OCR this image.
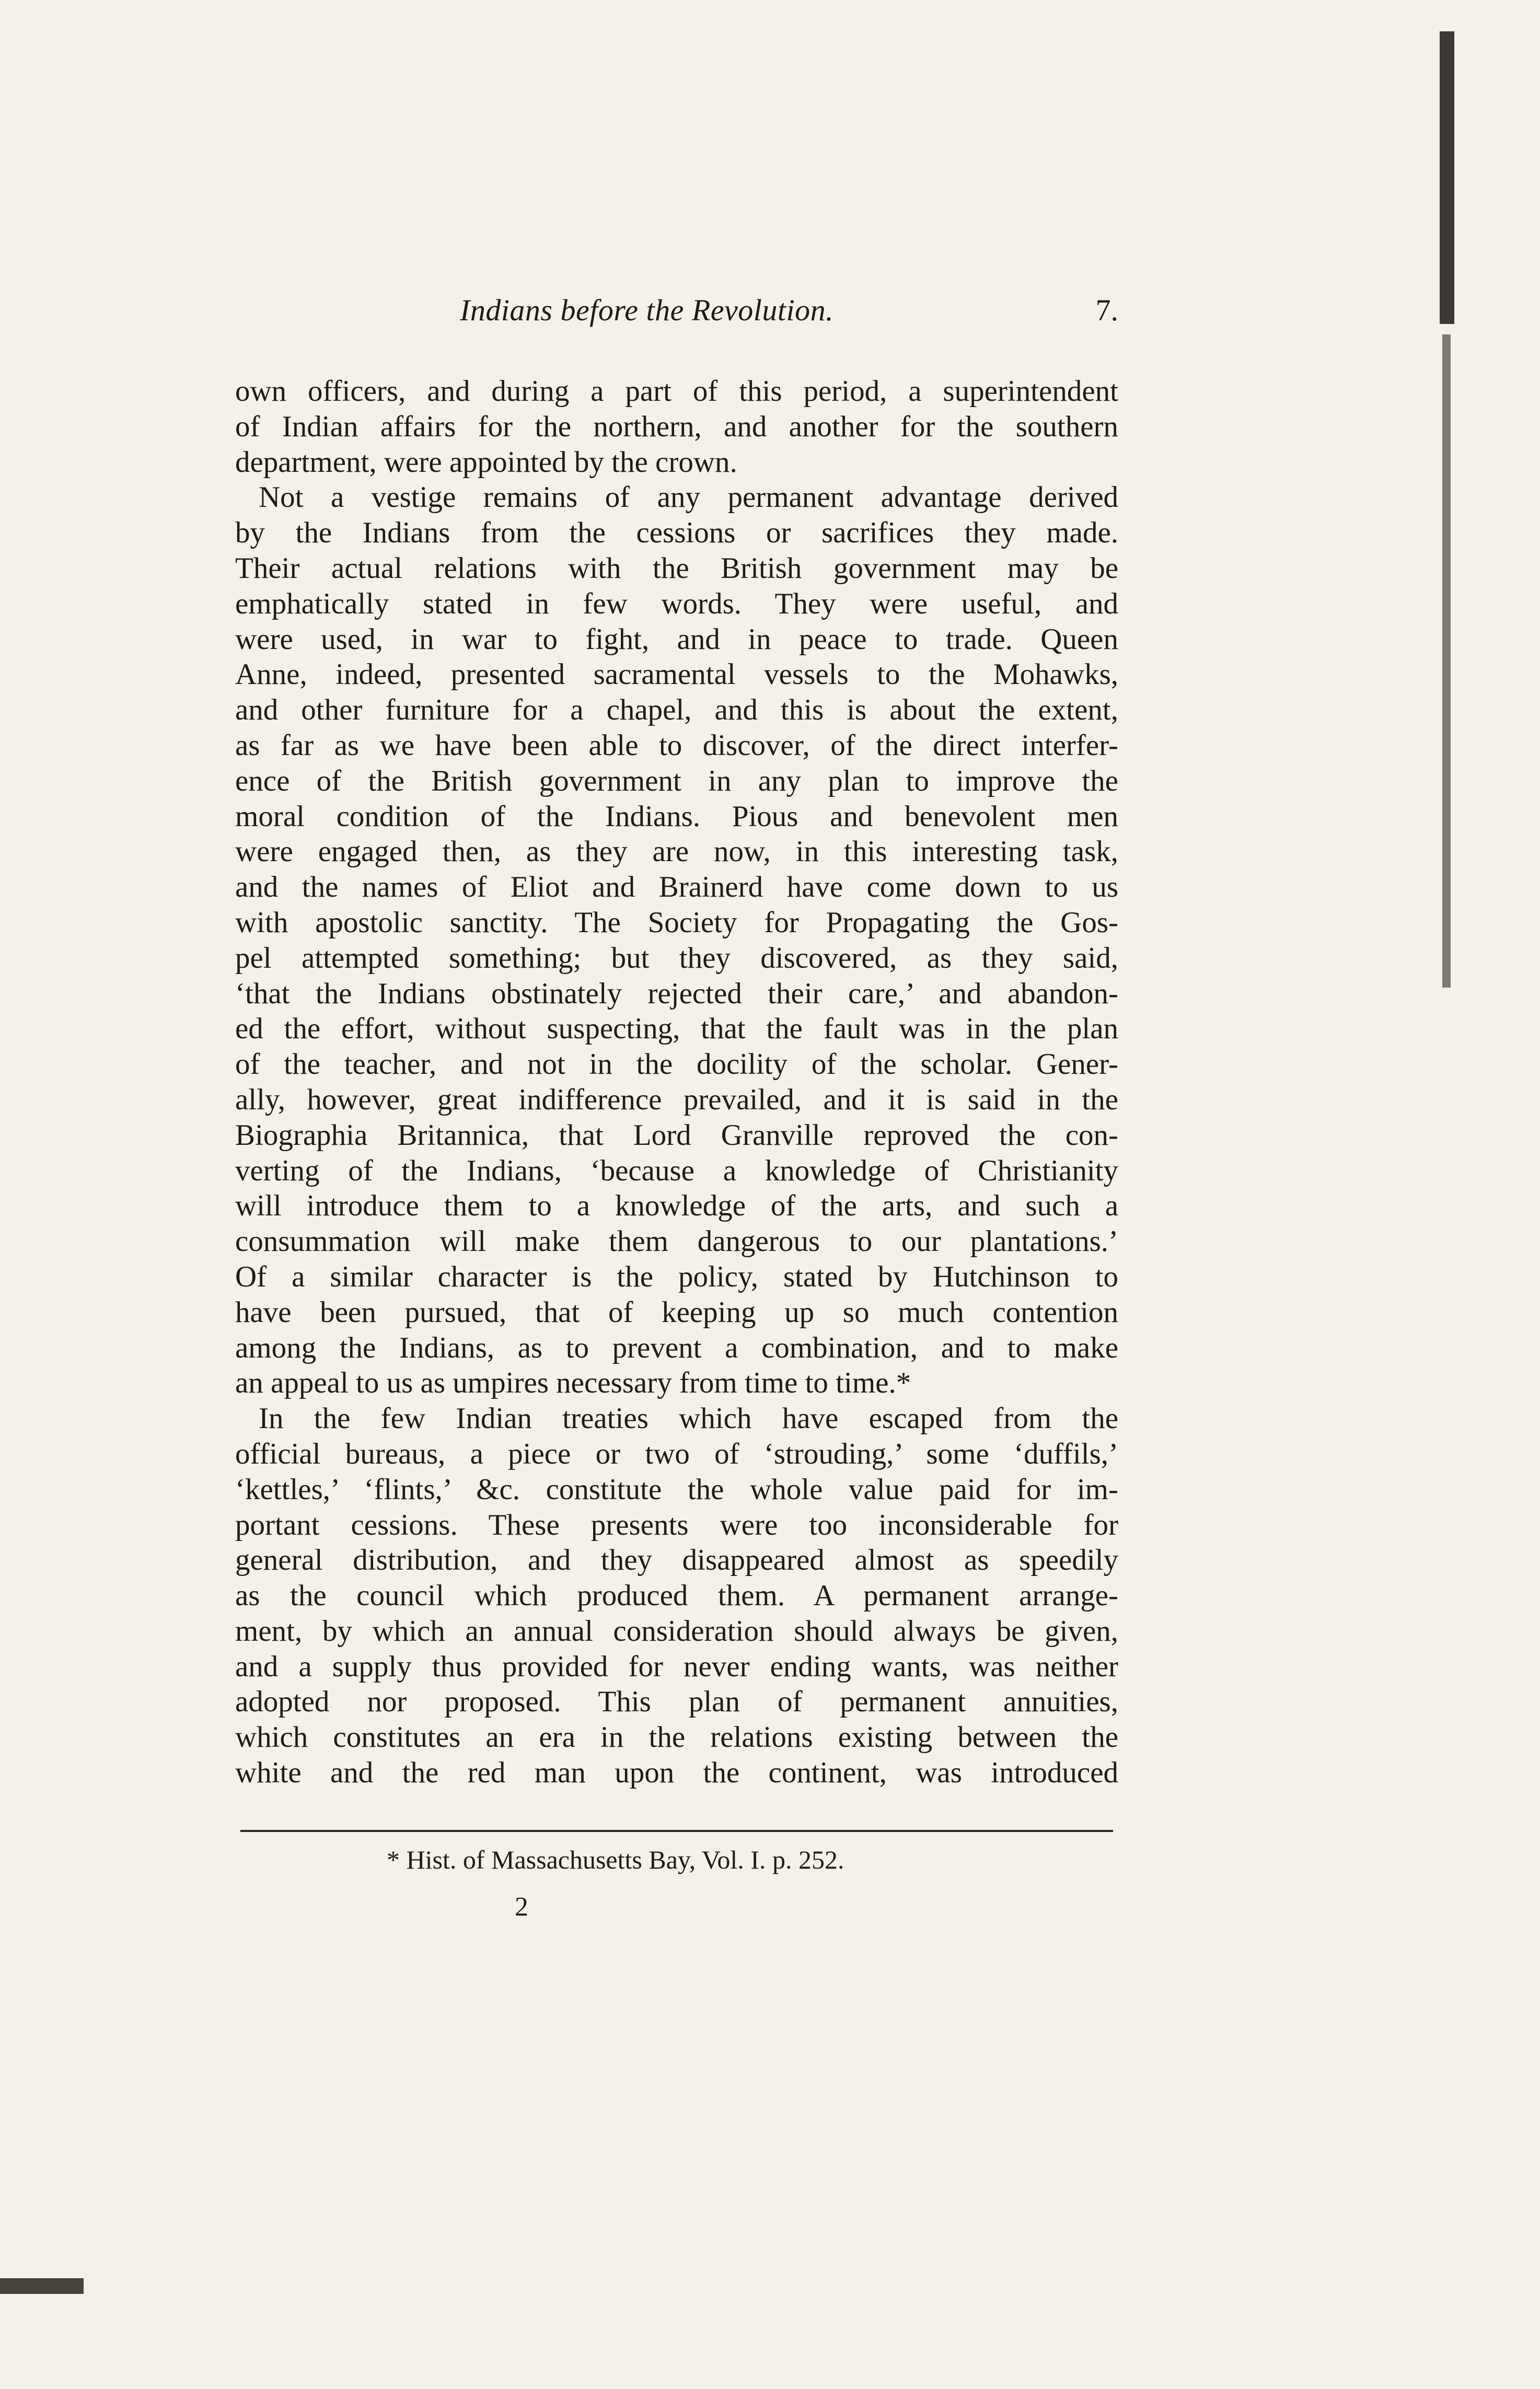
Indians before the Revolution.	7.
own officers, and during a part of this period, a superintendent
of Indian affairs for the northern, and another for the southern
department, were appointed by the crown.
Not a vestige remains of any permanent advantage derived
by the Indians from the cessions or sacrifices they made.
Their actual relations with the British government may be
emphatically stated in few words. They were useful, and
were used, in war to fight, and in peace to trade. Queen
Anne, indeed, presented sacramental vessels to the Mohawks,
and other furniture for a chapel, and this is about the extent,
as far as we have been able to discover, of the direct interfer-
ence of the British government in any plan to improve the
moral condition of the Indians. Pious and benevolent men
were engaged then, as they are now, in this interesting task,
and the names of Eliot and Brainerd have come down to us
with apostolic sanctity. The Society for Propagating the Gos-
pel attempted something; but they discovered, as they said,
‘that the Indians obstinately rejected their care,’ and abandon-
ed the effort, without suspecting, that the fault was in the plan
of the teacher, and not in the docility of the scholar. Gener-
ally, however, great indifference prevailed, and it is said in the
Biographia Britannica, that Lord Granville reproved the con-
verting of the Indians, ‘because a knowledge of Christianity
will introduce them to a knowledge of the arts, and such a
consummation will make them dangerous to our plantations.’
Of a similar character is the policy, stated by Hutchinson to
have been pursued, that of keeping up so much contention
among the Indians, as to prevent a combination, and to make
an appeal to us as umpires necessary from time to time.*
In the few Indian treaties which have escaped from the
official bureaus, a piece or two of ‘strouding,’ some ‘duffils,’
‘kettles,’ ‘flints,’ &c. constitute the whole value paid for im-
portant cessions. These presents were too inconsiderable for
general distribution, and they disappeared almost as speedily
as the council which produced them. A permanent arrange-
ment, by which an annual consideration should always be given,
and a supply thus provided for never ending wants, was neither
adopted nor proposed. This plan of permanent annuities,
which constitutes an era in the relations existing between the
white and the red man upon the continent, was introduced
* Hist. of Massachusetts Bay, Vol. I. p. 252.
2
